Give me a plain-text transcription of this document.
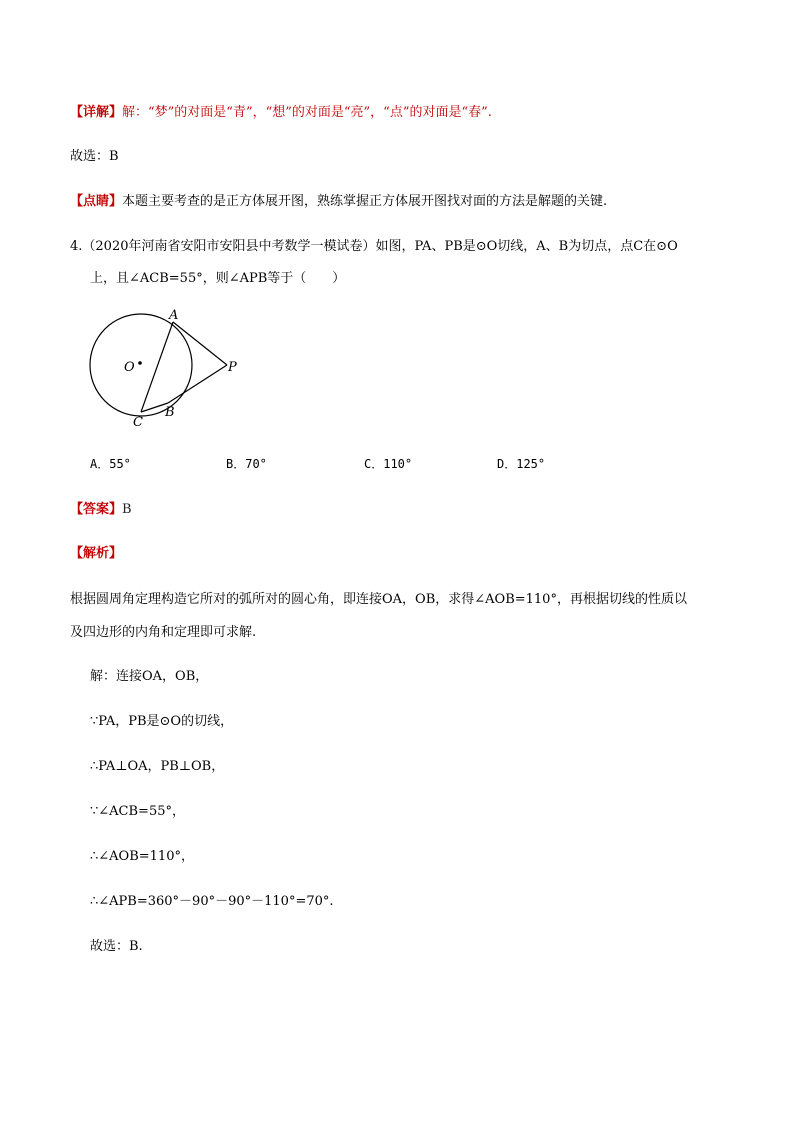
【详解】解：“梦”的对面是“青”，“想”的对面是“亮”，“点”的对面是“春”.
故选：B
【点睛】本题主要考查的是正方体展开图，熟练掌握正方体展开图找对面的方法是解题的关键.
4.（2020年河南省安阳市安阳县中考数学一模试卷）如图，PA、PB是⊙O切线，A、B为切点，点C在⊙O
上，且∠ACB=55°，则∠APB等于（　　）
A
O	P
B
C
A．55°	B．70°	C．110°	D．125°
【答案】B
【解析】
根据圆周角定理构造它所对的弧所对的圆心角，即连接OA，OB，求得∠AOB=110°，再根据切线的性质以
及四边形的内角和定理即可求解.
解：连接OA，OB，
∵PA，PB是⊙O的切线，
∴PA⊥OA，PB⊥OB，
∵∠ACB=55°，
∴∠AOB=110°，
∴∠APB=360°－90°－90°－110°=70°.
故选：B.
